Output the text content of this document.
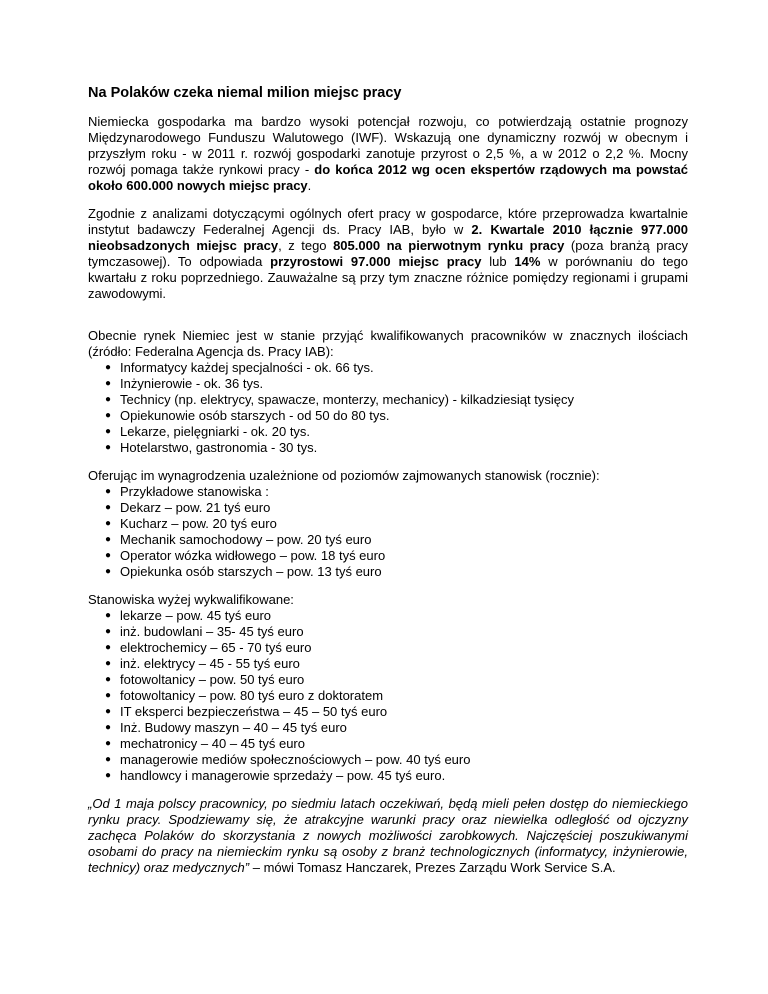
Na Polaków czeka niemal milion miejsc pracy

Niemiecka gospodarka ma bardzo wysoki potencjał rozwoju, co potwierdzają ostatnie prognozy Międzynarodowego Funduszu Walutowego (IWF). Wskazują one dynamiczny rozwój w obecnym i przyszłym roku - w 2011 r. rozwój gospodarki zanotuje przyrost o 2,5 %, a w 2012 o 2,2 %. Mocny rozwój pomaga także rynkowi pracy - do końca 2012 wg ocen ekspertów rządowych ma powstać około 600.000 nowych miejsc pracy.

Zgodnie z analizami dotyczącymi ogólnych ofert pracy w gospodarce, które przeprowadza kwartalnie instytut badawczy Federalnej Agencji ds. Pracy IAB, było w 2. Kwartale 2010 łącznie 977.000 nieobsadzonych miejsc pracy, z tego 805.000 na pierwotnym rynku pracy (poza branżą pracy tymczasowej). To odpowiada przyrostowi 97.000 miejsc pracy lub 14% w porównaniu do tego kwartału z roku poprzedniego. Zauważalne są przy tym znaczne różnice pomiędzy regionami i grupami zawodowymi.

Obecnie rynek Niemiec jest w stanie przyjąć kwalifikowanych pracowników w znacznych ilościach (źródło: Federalna Agencja ds. Pracy IAB):

● Informatycy każdej specjalności - ok. 66 tys.
● Inżynierowie - ok. 36 tys.
● Technicy (np. elektrycy, spawacze, monterzy, mechanicy) - kilkadziesiąt tysięcy
● Opiekunowie osób starszych - od 50 do 80 tys.
● Lekarze, pielęgniarki - ok. 20 tys.
● Hotelarstwo, gastronomia - 30 tys.

Oferując im wynagrodzenia uzależnione od poziomów zajmowanych stanowisk (rocznie):

● Przykładowe stanowiska :
● Dekarz – pow. 21 tyś euro
● Kucharz – pow. 20 tyś euro
● Mechanik samochodowy – pow. 20 tyś euro
● Operator wózka widłowego – pow. 18 tyś euro
● Opiekunka osób starszych – pow. 13 tyś euro

Stanowiska wyżej wykwalifikowane:

● lekarze – pow. 45 tyś euro
● inż. budowlani – 35- 45 tyś euro
● elektrochemicy – 65 - 70 tyś euro
● inż. elektrycy – 45 - 55 tyś euro
● fotowoltanicy – pow. 50 tyś euro
● fotowoltanicy – pow. 80 tyś euro z doktoratem
● IT eksperci bezpieczeństwa – 45 – 50 tyś euro
● Inż. Budowy maszyn – 40 – 45 tyś euro
● mechatronicy – 40 – 45 tyś euro
● managerowie mediów społecznościowych – pow. 40 tyś euro
● handlowcy i managerowie sprzedaży – pow. 45 tyś euro.

„Od 1 maja polscy pracownicy, po siedmiu latach oczekiwań, będą mieli pełen dostęp do niemieckiego rynku pracy. Spodziewamy się, że atrakcyjne warunki pracy oraz niewielka odległość od ojczyzny zachęca Polaków do skorzystania z nowych możliwości zarobkowych. Najczęściej poszukiwanymi osobami do pracy na niemieckim rynku są osoby z branż technologicznych (informatycy, inżynierowie, technicy) oraz medycznych” – mówi Tomasz Hanczarek, Prezes Zarządu Work Service S.A.
